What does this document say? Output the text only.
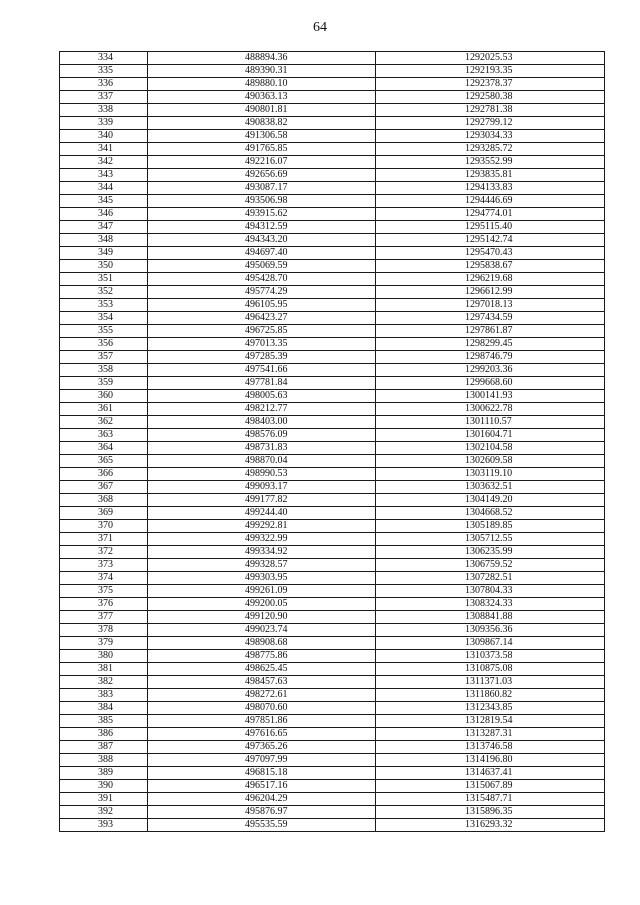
64
334	488894.36	1292025.53
335	489390.31	1292193.35
336	489880.10	1292378.37
337	490363.13	1292580.38
338	490801.81	1292781.38
339	490838.82	1292799.12
340	491306.58	1293034.33
341	491765.85	1293285.72
342	492216.07	1293552.99
343	492656.69	1293835.81
344	493087.17	1294133.83
345	493506.98	1294446.69
346	493915.62	1294774.01
347	494312.59	1295115.40
348	494343.20	1295142.74
349	494697.40	1295470.43
350	495069.59	1295838.67
351	495428.70	1296219.68
352	495774.29	1296612.99
353	496105.95	1297018.13
354	496423.27	1297434.59
355	496725.85	1297861.87
356	497013.35	1298299.45
357	497285.39	1298746.79
358	497541.66	1299203.36
359	497781.84	1299668.60
360	498005.63	1300141.93
361	498212.77	1300622.78
362	498403.00	1301110.57
363	498576.09	1301604.71
364	498731.83	1302104.58
365	498870.04	1302609.58
366	498990.53	1303119.10
367	499093.17	1303632.51
368	499177.82	1304149.20
369	499244.40	1304668.52
370	499292.81	1305189.85
371	499322.99	1305712.55
372	499334.92	1306235.99
373	499328.57	1306759.52
374	499303.95	1307282.51
375	499261.09	1307804.33
376	499200.05	1308324.33
377	499120.90	1308841.88
378	499023.74	1309356.36
379	498908.68	1309867.14
380	498775.86	1310373.58
381	498625.45	1310875.08
382	498457.63	1311371.03
383	498272.61	1311860.82
384	498070.60	1312343.85
385	497851.86	1312819.54
386	497616.65	1313287.31
387	497365.26	1313746.58
388	497097.99	1314196.80
389	496815.18	1314637.41
390	496517.16	1315067.89
391	496204.29	1315487.71
392	495876.97	1315896.35
393	495535.59	1316293.32
